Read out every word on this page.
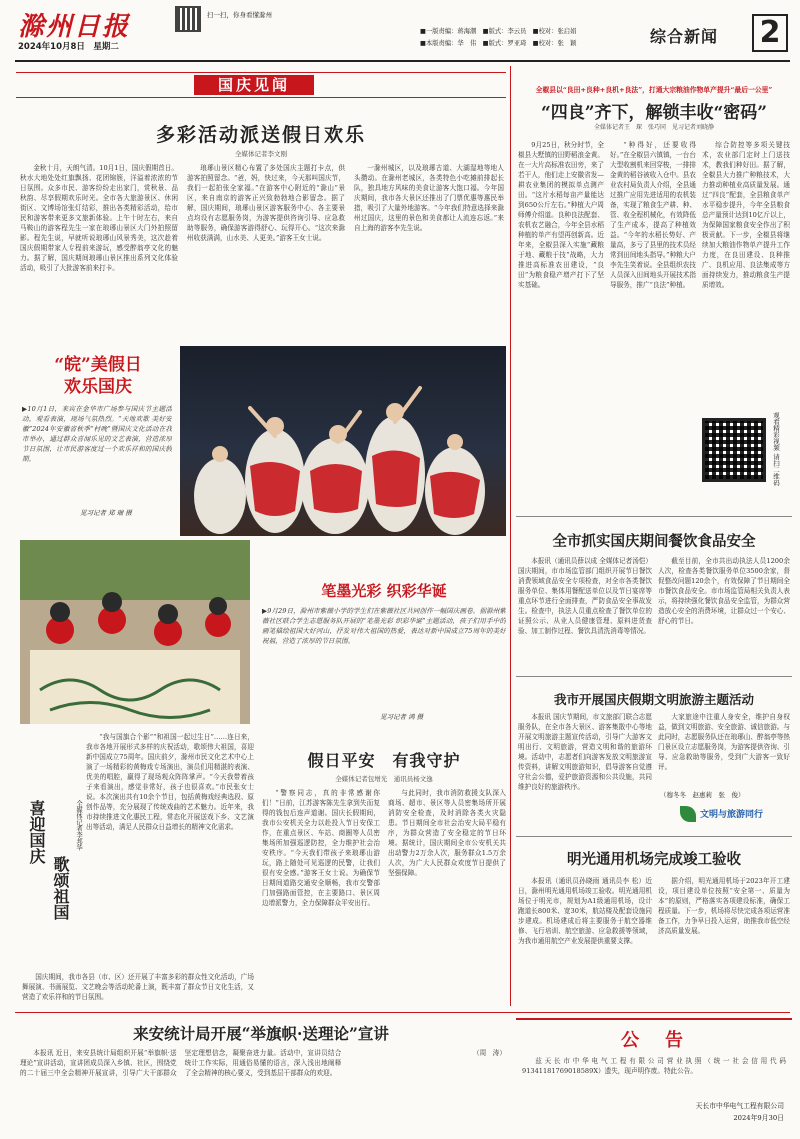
滁州日报
2024年10月8日　星期二
扫一扫，你身看懂滁州
■一版责编：蒋海潮　■版式：李云员　■校对：张启娟
■本版责编：华　伟　■版式：罗亚琦　■校对：张　颖	综合新闻 2
国庆见闻
多彩活动派送假日欢乐
全媒体记者李文刚

金秋十月，天朗气清。10月1日，国庆假期首日。秋水大地处处红旗飘扬、花团锦簇，洋溢着浓浓的节日氛围。众多市民、游客纷纷走出家门，赏秋景、品秋韵、尽享假期欢乐时光。全市各大旅游景区、休闲街区、文博场馆张灯结彩，推出各类精彩活动，给市民和游客带来更多文旅新体验。上午十时左右，来自马鞍山的游客程先生一家在琅琊山景区大门外拍照留影。程先生说，早就听说琅琊山风景秀美，这次趁着国庆假期带家人专程前来游玩，感受醉翁亭文化的魅力。据了解，国庆期间琅琊山景区推出系列文化体验活动，吸引了大批游客前来打卡。

琅琊山景区精心布置了多处国庆主题打卡点，供游客拍照留念。“爸，妈，快过来，今天那叫国庆节，我们一起拍张全家福。”在游客中心附近的“滁山”景区，来自南京的游客正兴致勃勃地合影留念。据了解，国庆期间，琅琊山景区游客服务中心、各主要景点均设有志愿服务岗，为游客提供咨询引导、应急救助等服务，确保游客游得舒心、玩得开心。“这次来滁州收获满满，山水美、人更美。”游客王女士说。

一滁州城区，以及琅琊古道、大湖湿地等地人头攒动。在滁州老城区，各类特色小吃摊前排起长队，独具地方风味的美食让游客大饱口福。今年国庆期间，我市各大景区还推出了门票优惠等惠民举措，吸引了大量外地游客。“今年我们特意选择来滁州过国庆，这里的景色和美食都让人流连忘返。”来自上海的游客李先生说。

“皖”美假日
欢乐国庆

▶10月1日，来宾在金华市广场参与国庆节主题活动，观看表演，现场气氛热烈。“天地欢歌 美好安徽”2024年安徽省秋季“村晚”暨国庆文化活动在我市举办，通过群众喜闻乐见的文艺表演，营造浓厚节日氛围，让市民游客度过一个欢乐祥和的国庆假期。

见习记者 郑 瑞 摄
笔墨光彩 织彩华诞

▶9月29日，滁州市紫薇小学的学生们在紫薇社区共同创作一幅国庆画卷。据滁州紫薇社区联合学生志愿服务队开展的“笔墨光彩 织彩华诞”主题活动，孩子们用手中的画笔描绘祖国大好河山，抒发对伟大祖国的热爱，表达对新中国成立75周年的美好祝福，营造了浓厚的节日氛围。

见习记者 鸿 摄
喜迎国庆
歌颂祖国
全媒体记者李邦华

“我与国旗合个影”“和祖国一起过生日”……连日来，我市各地开展形式多样的庆祝活动，歌颂伟大祖国，喜迎新中国成立75周年。国庆前夕，滁州市民文化艺术中心上演了一场精彩的黄梅戏专场演出，演员们用精湛的表演、优美的唱腔，赢得了现场观众阵阵掌声。“今天我带着孩子来看演出，感觉非常好，孩子也很喜欢。”市民张女士说。本次演出共有10余个节目，包括黄梅戏经典选段、原创作品等，充分展现了传统戏曲的艺术魅力。近年来，我市持续推进文化惠民工程，常态化开展送戏下乡、文艺演出等活动，满足人民群众日益增长的精神文化需求。

国庆期间，我市各县（市、区）还开展了丰富多彩的群众性文化活动，广场舞展演、书画展览、文艺晚会等活动轮番上演，既丰富了群众节日文化生活，又营造了欢乐祥和的节日氛围。

假日平安　有我守护
全媒体记者包增光　通讯员杨文逸

“警察同志，真的非常感谢你们！”日前，江苏游客陈先生拿到失而复得的钱包后连声道谢。国庆长假期间，我市公安机关全力以赴投入节日安保工作，在重点景区、车站、商圈等人员密集场所加强巡逻防控，全力维护社会治安秩序。“今天我们带孩子来琅琊山游玩，路上随处可见巡逻的民警，让我们很有安全感。”游客王女士说。为确保节日期间道路交通安全顺畅，我市交警部门加强路面管控，在主要路口、景区周边增派警力，全力保障群众平安出行。

与此同时，我市消防救援支队深入商场、超市、景区等人员密集场所开展消防安全检查，及时消除各类火灾隐患。节日期间全市社会治安大局平稳有序，为群众营造了安全稳定的节日环境。据统计，国庆期间全市公安机关共出动警力2万余人次，服务群众1.5万余人次，为广大人民群众欢度节日提供了坚强保障。

全椒县以“良田+良种+良机+良法”，打通大宗粮油作物单产提升“最后一公里”
“四良”齐下，解锁丰收“密码”
全媒体记者王　琛　张巧同　见习记者刘晓静

9月25日，秋分时节，全椒县大墅镇的田野稻浪金黄。在一大片高标准农田旁，来了若干人，他们走上安徽省发—耕农业集团的模拟单点测产田。“这片水稻每亩产量能达到650公斤左右。”种植大户周师傅介绍道。良种良法配套、农机农艺融合，今年全县水稻种植的单产有望再创新高。近年来，全椒县深入实施“藏粮于地、藏粮于技”战略，大力推进高标准农田建设，“良田”为粮食稳产增产打下了坚实基础。

“种得好，还要收得好。”在全椒县六镇镇，一台台大型收割机来回穿梭，一排排金黄的稻谷被收入仓中。县农业农村局负责人介绍，全县通过推广应用先进适用的农机装备，实现了粮食生产耕、种、管、收全程机械化，有效降低了生产成本，提高了种植效益。“今年的水稻长势好、产量高，多亏了县里的技术员经常到田间地头指导。”种粮大户李先生笑着说。全县组织农技人员深入田间地头开展技术指导服务，推广“良法”种植。

综合防控等多项关键技术，农业部门定时上门送技术，教我们种好田。据了解，全椒县大力推广种粮技术，大力推动种植业高质量发展。通过“四良”配套，全县粮食单产水平稳步提升，今年全县粮食总产量预计达到10亿斤以上，为保障国家粮食安全作出了积极贡献。下一步，全椒县将继续加大粮油作物单产提升工作力度，在良田建设、良种推广、良机应用、良法集成等方面持续发力，推动粮食生产提质增效。

观看精彩视频 请扫二维码
全市抓实国庆期间餐饮食品安全

本报讯（通讯员薛以成 全媒体记者汤恺）国庆期间，市市场监管部门组织开展节日餐饮消费领域食品安全专项检查，对全市各类餐饮服务单位、集体用餐配送单位以及节日宴席等重点环节进行全面排查，严防食品安全事故发生。检查中，执法人员重点检查了餐饮单位的证照公示、从业人员健康管理、原料进货查验、加工制作过程、餐饮具清洗消毒等情况。

截至目前，全市共出动执法人员1200余人次，检查各类餐饮服务单位3500余家，督促整改问题120余个，有效保障了节日期间全市餐饮食品安全。市市场监管局相关负责人表示，将持续强化餐饮食品安全监管，为群众营造放心安全的消费环境，让群众过一个安心、舒心的节日。

我市开展国庆假期文明旅游主题活动

本报讯 国庆节期间，市文旅部门联合志愿服务队，在全市各大景区、游客集散中心等地开展文明旅游主题宣传活动，引导广大游客文明出行、文明旅游，营造文明和谐的旅游环境。活动中，志愿者们向游客发放文明旅游宣传资料，讲解文明旅游知识，倡导游客自觉遵守社会公德，爱护旅游资源和公共设施，共同维护良好的旅游秩序。

大家旅途中注重人身安全，维护自身权益，做到文明旅游、安全旅游、诚信旅游。与此同时，志愿服务队还在琅琊山、醉翁亭等热门景区设立志愿服务岗，为游客提供咨询、引导、应急救助等服务，受到广大游客一致好评。

（穆冬冬　赵惠莉　张　俊）
文明与旅游同行
明光通用机场完成竣工验收

本报讯（通讯员孙晓雨 通讯员李 松）近日，滁州明光通用机场竣工验收。明光通用机场位于明光市，规划为A1级通用机场，设计跑道长800米、宽30米，航站楼及配套设施同步建成。机场建成后将主要服务于航空器维修、飞行培训、航空旅游、应急救援等领域，为我市通用航空产业发展提供重要支撑。

据介绍，明光通用机场于2023年开工建设，项目建设单位按照“安全第一、质量为本”的原则，严格落实各项建设标准，确保工程质量。下一步，机场将尽快完成各项运营准备工作，力争早日投入运营，助推我市低空经济高质量发展。

公　告

兹天长市中华电气工程有限公司营业执照（统一社会信用代码91341181769018589X）遗失，现声明作废。特此公告。

天长市中华电气工程有限公司
2024年9月30日
来安统计局开展“举旗帜·送理论”宣讲

本报讯 近日，来安县统计局组织开展“举旗帜·送理论”宣讲活动，宣讲团成员深入乡镇、社区，围绕党的二十届三中全会精神开展宣讲，引导广大干部群众坚定理想信念，凝聚奋进力量。活动中，宣讲员结合统计工作实际，用通俗易懂的语言，深入浅出地阐释了全会精神的核心要义，受到基层干部群众的欢迎。

（周　涛）
